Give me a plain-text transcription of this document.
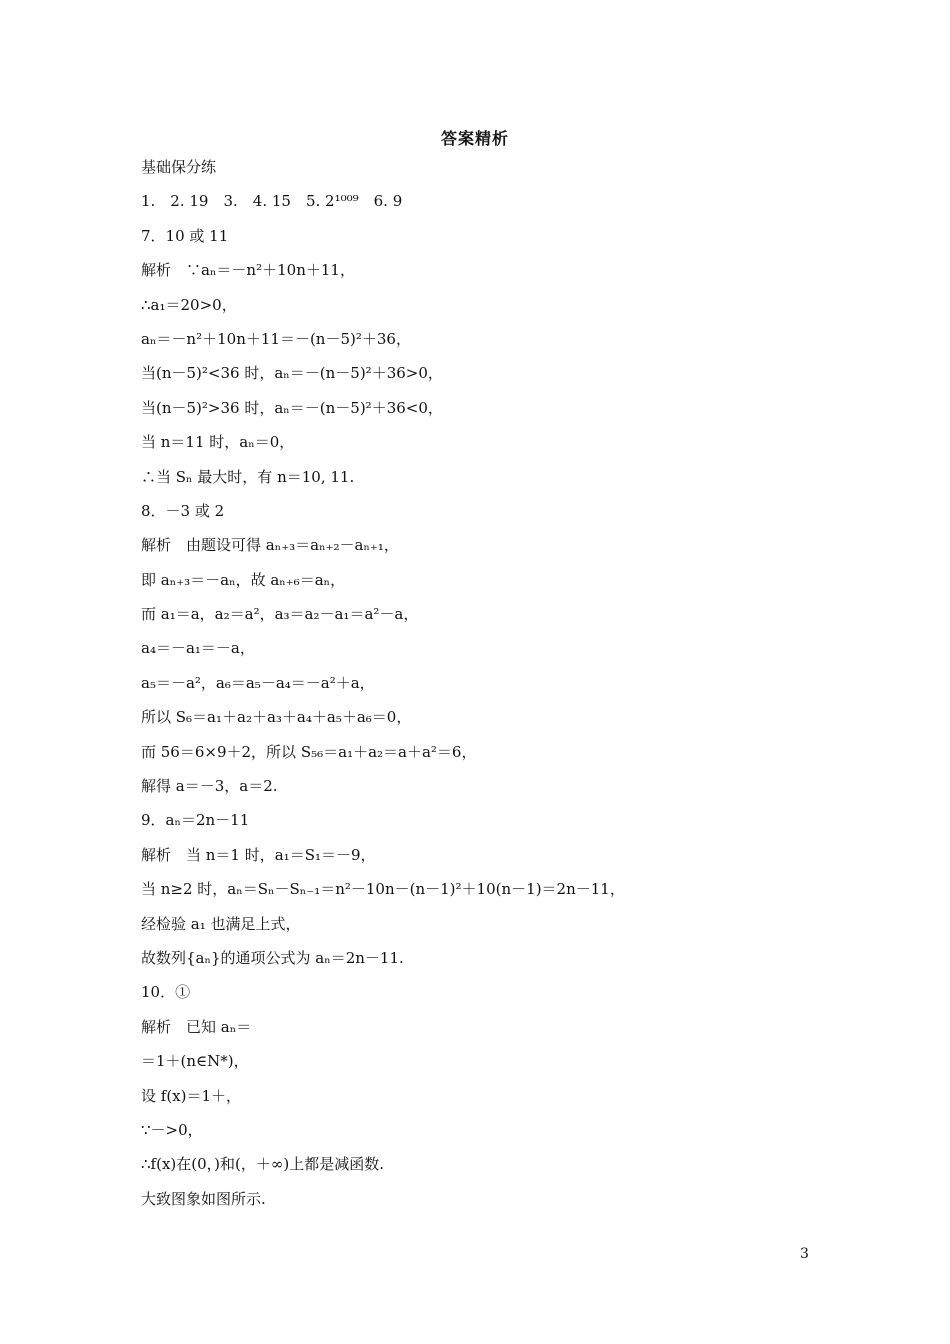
答案精析
基础保分练
1.　2. 19　3.　4. 15　5. 2¹⁰⁰⁹　6. 9
7．10 或 11
解析　∵aₙ＝－n²＋10n＋11，
∴a₁＝20>0，
aₙ＝－n²＋10n＋11＝－(n－5)²＋36，
当(n－5)²<36 时，aₙ＝－(n－5)²＋36>0，
当(n－5)²>36 时，aₙ＝－(n－5)²＋36<0，
当 n＝11 时，aₙ＝0，
∴当 Sₙ 最大时，有 n＝10, 11.
8．－3 或 2
解析　由题设可得 aₙ₊₃＝aₙ₊₂－aₙ₊₁，
即 aₙ₊₃＝－aₙ，故 aₙ₊₆＝aₙ，
而 a₁＝a，a₂＝a²，a₃＝a₂－a₁＝a²－a，
a₄＝－a₁＝－a，
a₅＝－a²，a₆＝a₅－a₄＝－a²＋a，
所以 S₆＝a₁＋a₂＋a₃＋a₄＋a₅＋a₆＝0，
而 56＝6×9＋2，所以 S₅₆＝a₁＋a₂＝a＋a²＝6，
解得 a＝－3，a＝2.
9．aₙ＝2n－11
解析　当 n＝1 时，a₁＝S₁＝－9，
当 n≥2 时，aₙ＝Sₙ－Sₙ₋₁＝n²－10n－(n－1)²＋10(n－1)＝2n－11，
经检验 a₁ 也满足上式，
故数列{aₙ}的通项公式为 aₙ＝2n－11.
10．①
解析　已知 aₙ＝
＝1＋(n∈N*)，
设 f(x)＝1＋，
∵－>0，
∴f(x)在(0，)和(，＋∞)上都是减函数.
大致图象如图所示.
3
